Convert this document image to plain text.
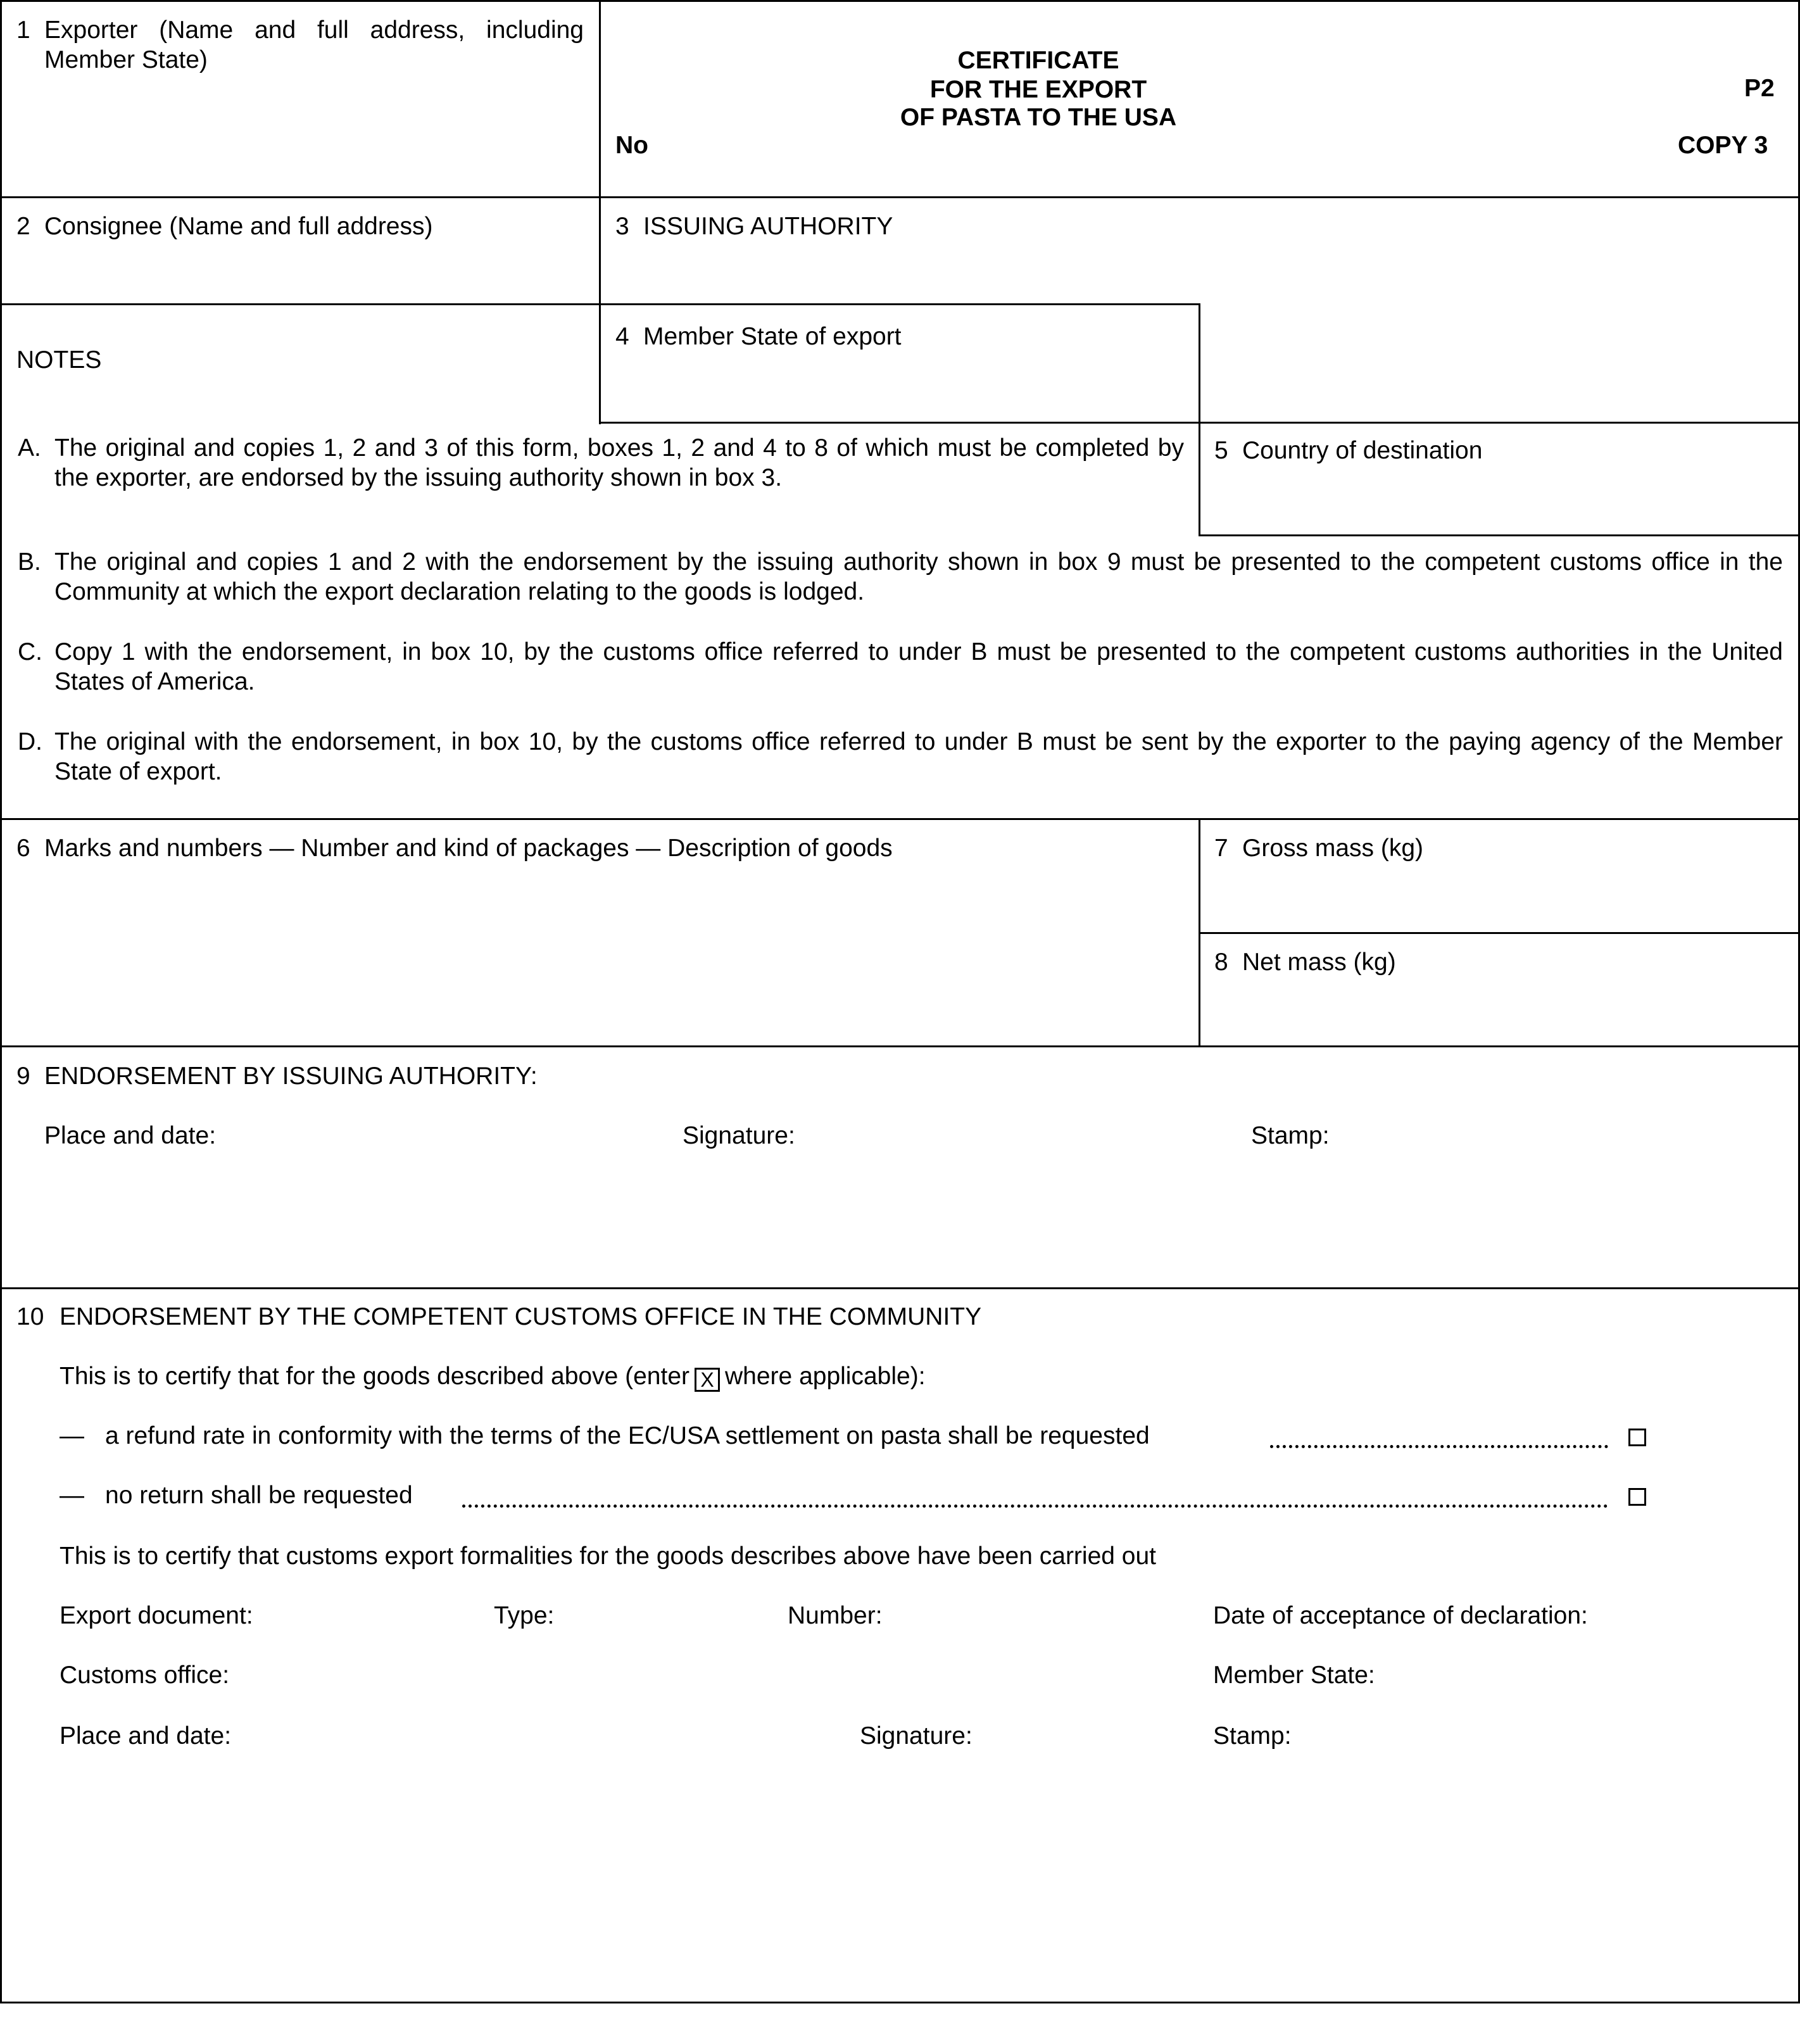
1 Exporter (Name and full address, including Member State)	CERTIFICATE
FOR THE EXPORT
OF PASTA TO THE USA
P2
No	COPY 3
2 Consignee (Name and full address)	3 ISSUING AUTHORITY
NOTES
4 Member State of export
5 Country of destination
A. The original and copies 1, 2 and 3 of this form, boxes 1, 2 and 4 to 8 of which must be completed by the exporter, are endorsed by the issuing authority shown in box 3.
B. The original and copies 1 and 2 with the endorsement by the issuing authority shown in box 9 must be presented to the competent customs office in the Community at which the export declaration relating to the goods is lodged.
C. Copy 1 with the endorsement, in box 10, by the customs office referred to under B must be presented to the competent customs authorities in the United States of America.
D. The original with the endorsement, in box 10, by the customs office referred to under B must be sent by the exporter to the paying agency of the Member State of export.
6 Marks and numbers — Number and kind of packages — Description of goods	7 Gross mass (kg)
8 Net mass (kg)
9 ENDORSEMENT BY ISSUING AUTHORITY:
Place and date:	Signature:	Stamp:
10 ENDORSEMENT BY THE COMPETENT CUSTOMS OFFICE IN THE COMMUNITY
This is to certify that for the goods described above (enter X where applicable):
— a refund rate in conformity with the terms of the EC/USA settlement on pasta shall be requested
— no return shall be requested
This is to certify that customs export formalities for the goods describes above have been carried out
Export document:	Type:	Number:	Date of acceptance of declaration:
Customs office:	Member State:
Place and date:	Signature:	Stamp:
